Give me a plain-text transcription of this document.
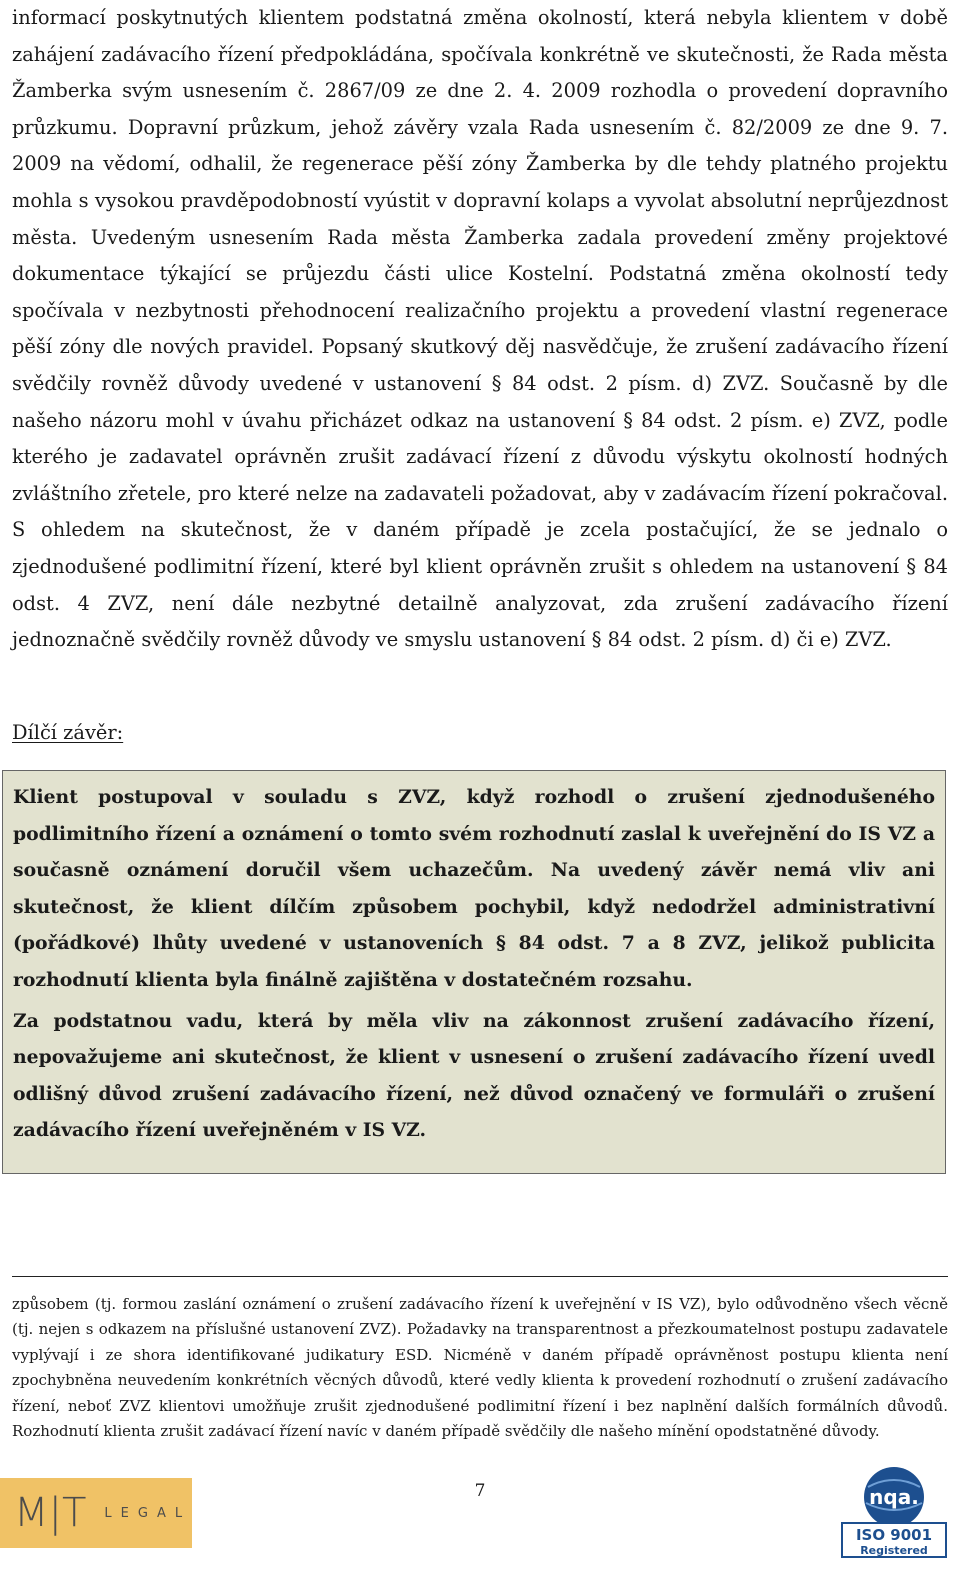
informací poskytnutých klientem podstatná změna okolností, která nebyla klientem v době zahájení zadávacího řízení předpokládána, spočívala konkrétně ve skutečnosti, že Rada města Žamberka svým usnesením č. 2867/09 ze dne 2. 4. 2009 rozhodla o provedení dopravního průzkumu. Dopravní průzkum, jehož závěry vzala Rada usnesením č. 82/2009 ze dne 9. 7. 2009 na vědomí, odhalil, že regenerace pěší zóny Žamberka by dle tehdy platného projektu mohla s vysokou pravděpodobností vyústit v dopravní kolaps a vyvolat absolutní neprůjezdnost města. Uvedeným usnesením Rada města Žamberka zadala provedení změny projektové dokumentace týkající se průjezdu části ulice Kostelní. Podstatná změna okolností tedy spočívala v nezbytnosti přehodnocení realizačního projektu a provedení vlastní regenerace pěší zóny dle nových pravidel. Popsaný skutkový děj nasvědčuje, že zrušení zadávacího řízení svědčily rovněž důvody uvedené v ustanovení § 84 odst. 2 písm. d) ZVZ. Současně by dle našeho názoru mohl v úvahu přicházet odkaz na ustanovení § 84 odst. 2 písm. e) ZVZ, podle kterého je zadavatel oprávněn zrušit zadávací řízení z důvodu výskytu okolností hodných zvláštního zřetele, pro které nelze na zadavateli požadovat, aby v zadávacím řízení pokračoval. S ohledem na skutečnost, že v daném případě je zcela postačující, že se jednalo o zjednodušené podlimitní řízení, které byl klient oprávněn zrušit s ohledem na ustanovení § 84 odst. 4 ZVZ, není dále nezbytné detailně analyzovat, zda zrušení zadávacího řízení jednoznačně svědčily rovněž důvody ve smyslu ustanovení § 84 odst. 2 písm. d) či e) ZVZ.

Dílčí závěr:

Klient postupoval v souladu s ZVZ, když rozhodl o zrušení zjednodušeného podlimitního řízení a oznámení o tomto svém rozhodnutí zaslal k uveřejnění do IS VZ a současně oznámení doručil všem uchazečům. Na uvedený závěr nemá vliv ani skutečnost, že klient dílčím způsobem pochybil, když nedodržel administrativní (pořádkové) lhůty uvedené v ustanoveních § 84 odst. 7 a 8 ZVZ, jelikož publicita rozhodnutí klienta byla finálně zajištěna v dostatečném rozsahu.

Za podstatnou vadu, která by měla vliv na zákonnost zrušení zadávacího řízení, nepovažujeme ani skutečnost, že klient v usnesení o zrušení zadávacího řízení uvedl odlišný důvod zrušení zadávacího řízení, než důvod označený ve formuláři o zrušení zadávacího řízení uveřejněném v IS VZ.

způsobem (tj. formou zaslání oznámení o zrušení zadávacího řízení k uveřejnění v IS VZ), bylo odůvodněno všech věcně (tj. nejen s odkazem na příslušné ustanovení ZVZ). Požadavky na transparentnost a přezkoumatelnost postupu zadavatele vyplývají i ze shora identifikované judikatury ESD. Nicméně v daném případě oprávněnost postupu klienta není zpochybněna neuvedením konkrétních věcných důvodů, které vedly klienta k provedení rozhodnutí o zrušení zadávacího řízení, neboť ZVZ klientovi umožňuje zrušit zjednodušené podlimitní řízení i bez naplnění dalších formálních důvodů. Rozhodnutí klienta zrušit zadávací řízení navíc v daném případě svědčily dle našeho mínění opodstatněné důvody.

7
M|T LEGAL
nqa.
ISO 9001
Registered
